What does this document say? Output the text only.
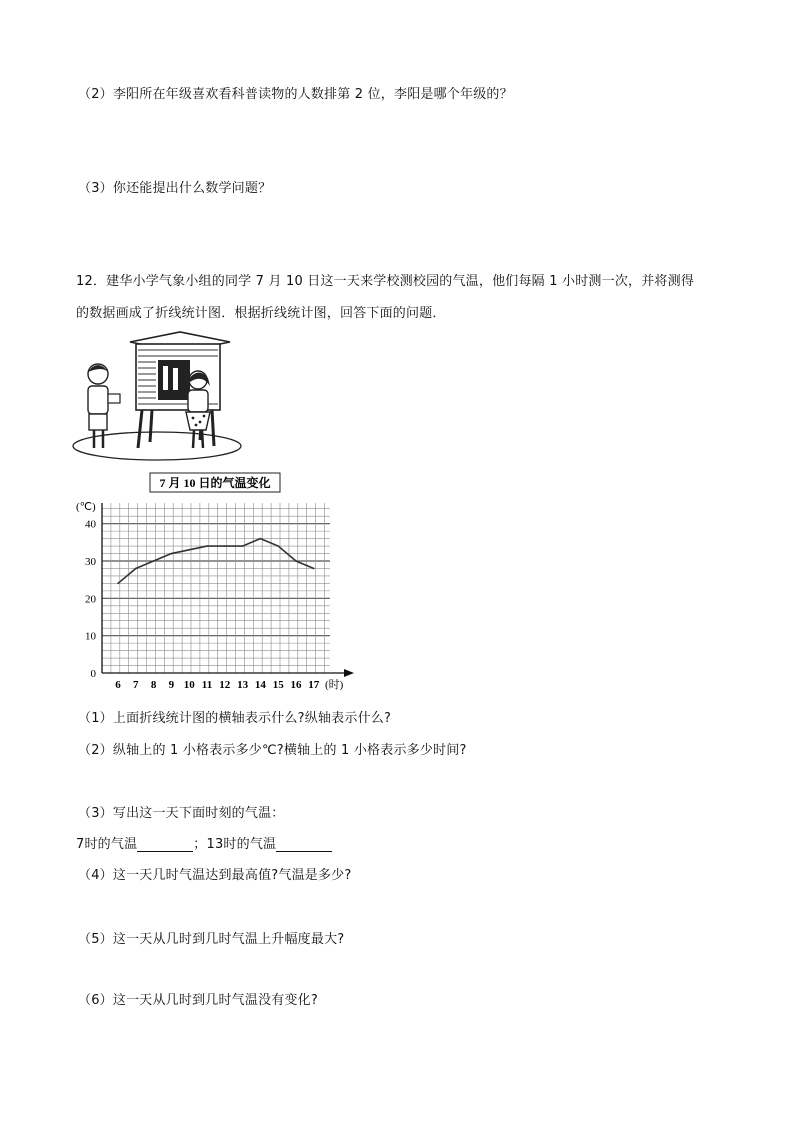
（2）李阳所在年级喜欢看科普读物的人数排第 2 位，李阳是哪个年级的？
（3）你还能提出什么数学问题？
12．建华小学气象小组的同学 7 月 10 日这一天来学校测校园的气温，他们每隔 1 小时测一次，并将测得
的数据画成了折线统计图．根据折线统计图，回答下面的问题．
7 月 10 日的气温变化
(℃)
(时)
0
10
20
30
40
6 7 8 9 10 11 12 13 14 15 16 17
（1）上面折线统计图的横轴表示什么?纵轴表示什么?
（2）纵轴上的 1 小格表示多少℃?横轴上的 1 小格表示多少时间?
（3）写出这一天下面时刻的气温：
7时的气温	；13时的气温
（4）这一天几时气温达到最高值?气温是多少?
（5）这一天从几时到几时气温上升幅度最大?
（6）这一天从几时到几时气温没有变化?
